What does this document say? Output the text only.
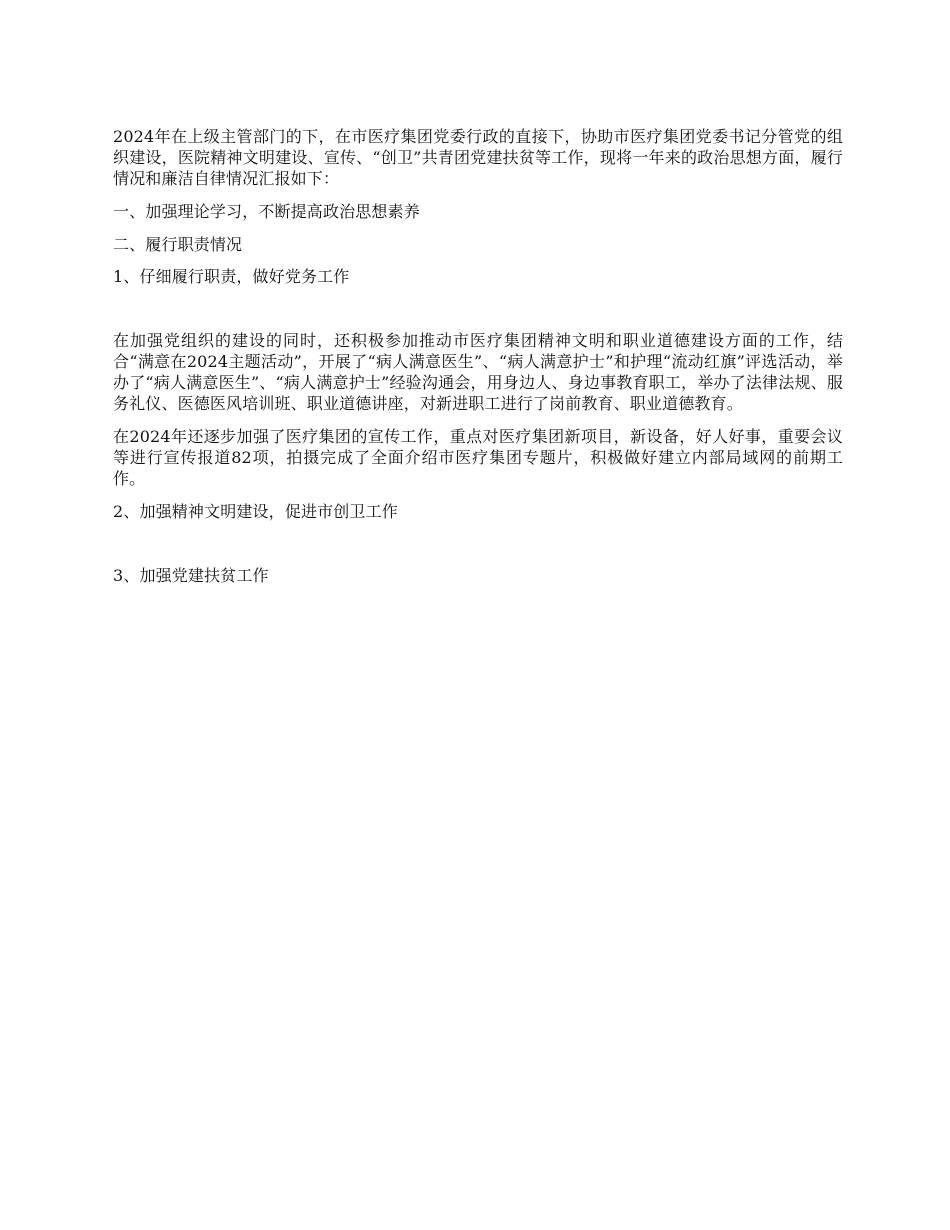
2024年在上级主管部门的下，在市医疗集团党委行政的直接下，协助市医疗集团党委书记分管党的组织建设，医院精神文明建设、宣传、“创卫”共青团党建扶贫等工作，现将一年来的政治思想方面，履行情况和廉洁自律情况汇报如下：

一、加强理论学习，不断提高政治思想素养

二、履行职责情况

1、仔细履行职责，做好党务工作

在加强党组织的建设的同时，还积极参加推动市医疗集团精神文明和职业道德建设方面的工作，结合“满意在2024主题活动”，开展了“病人满意医生”、“病人满意护士”和护理“流动红旗”评选活动，举办了“病人满意医生”、“病人满意护士”经验沟通会，用身边人、身边事教育职工，举办了法律法规、服务礼仪、医德医风培训班、职业道德讲座，对新进职工进行了岗前教育、职业道德教育。

在2024年还逐步加强了医疗集团的宣传工作，重点对医疗集团新项目，新设备，好人好事，重要会议等进行宣传报道82项，拍摄完成了全面介绍市医疗集团专题片，积极做好建立内部局域网的前期工作。

2、加强精神文明建设，促进市创卫工作

3、加强党建扶贫工作
